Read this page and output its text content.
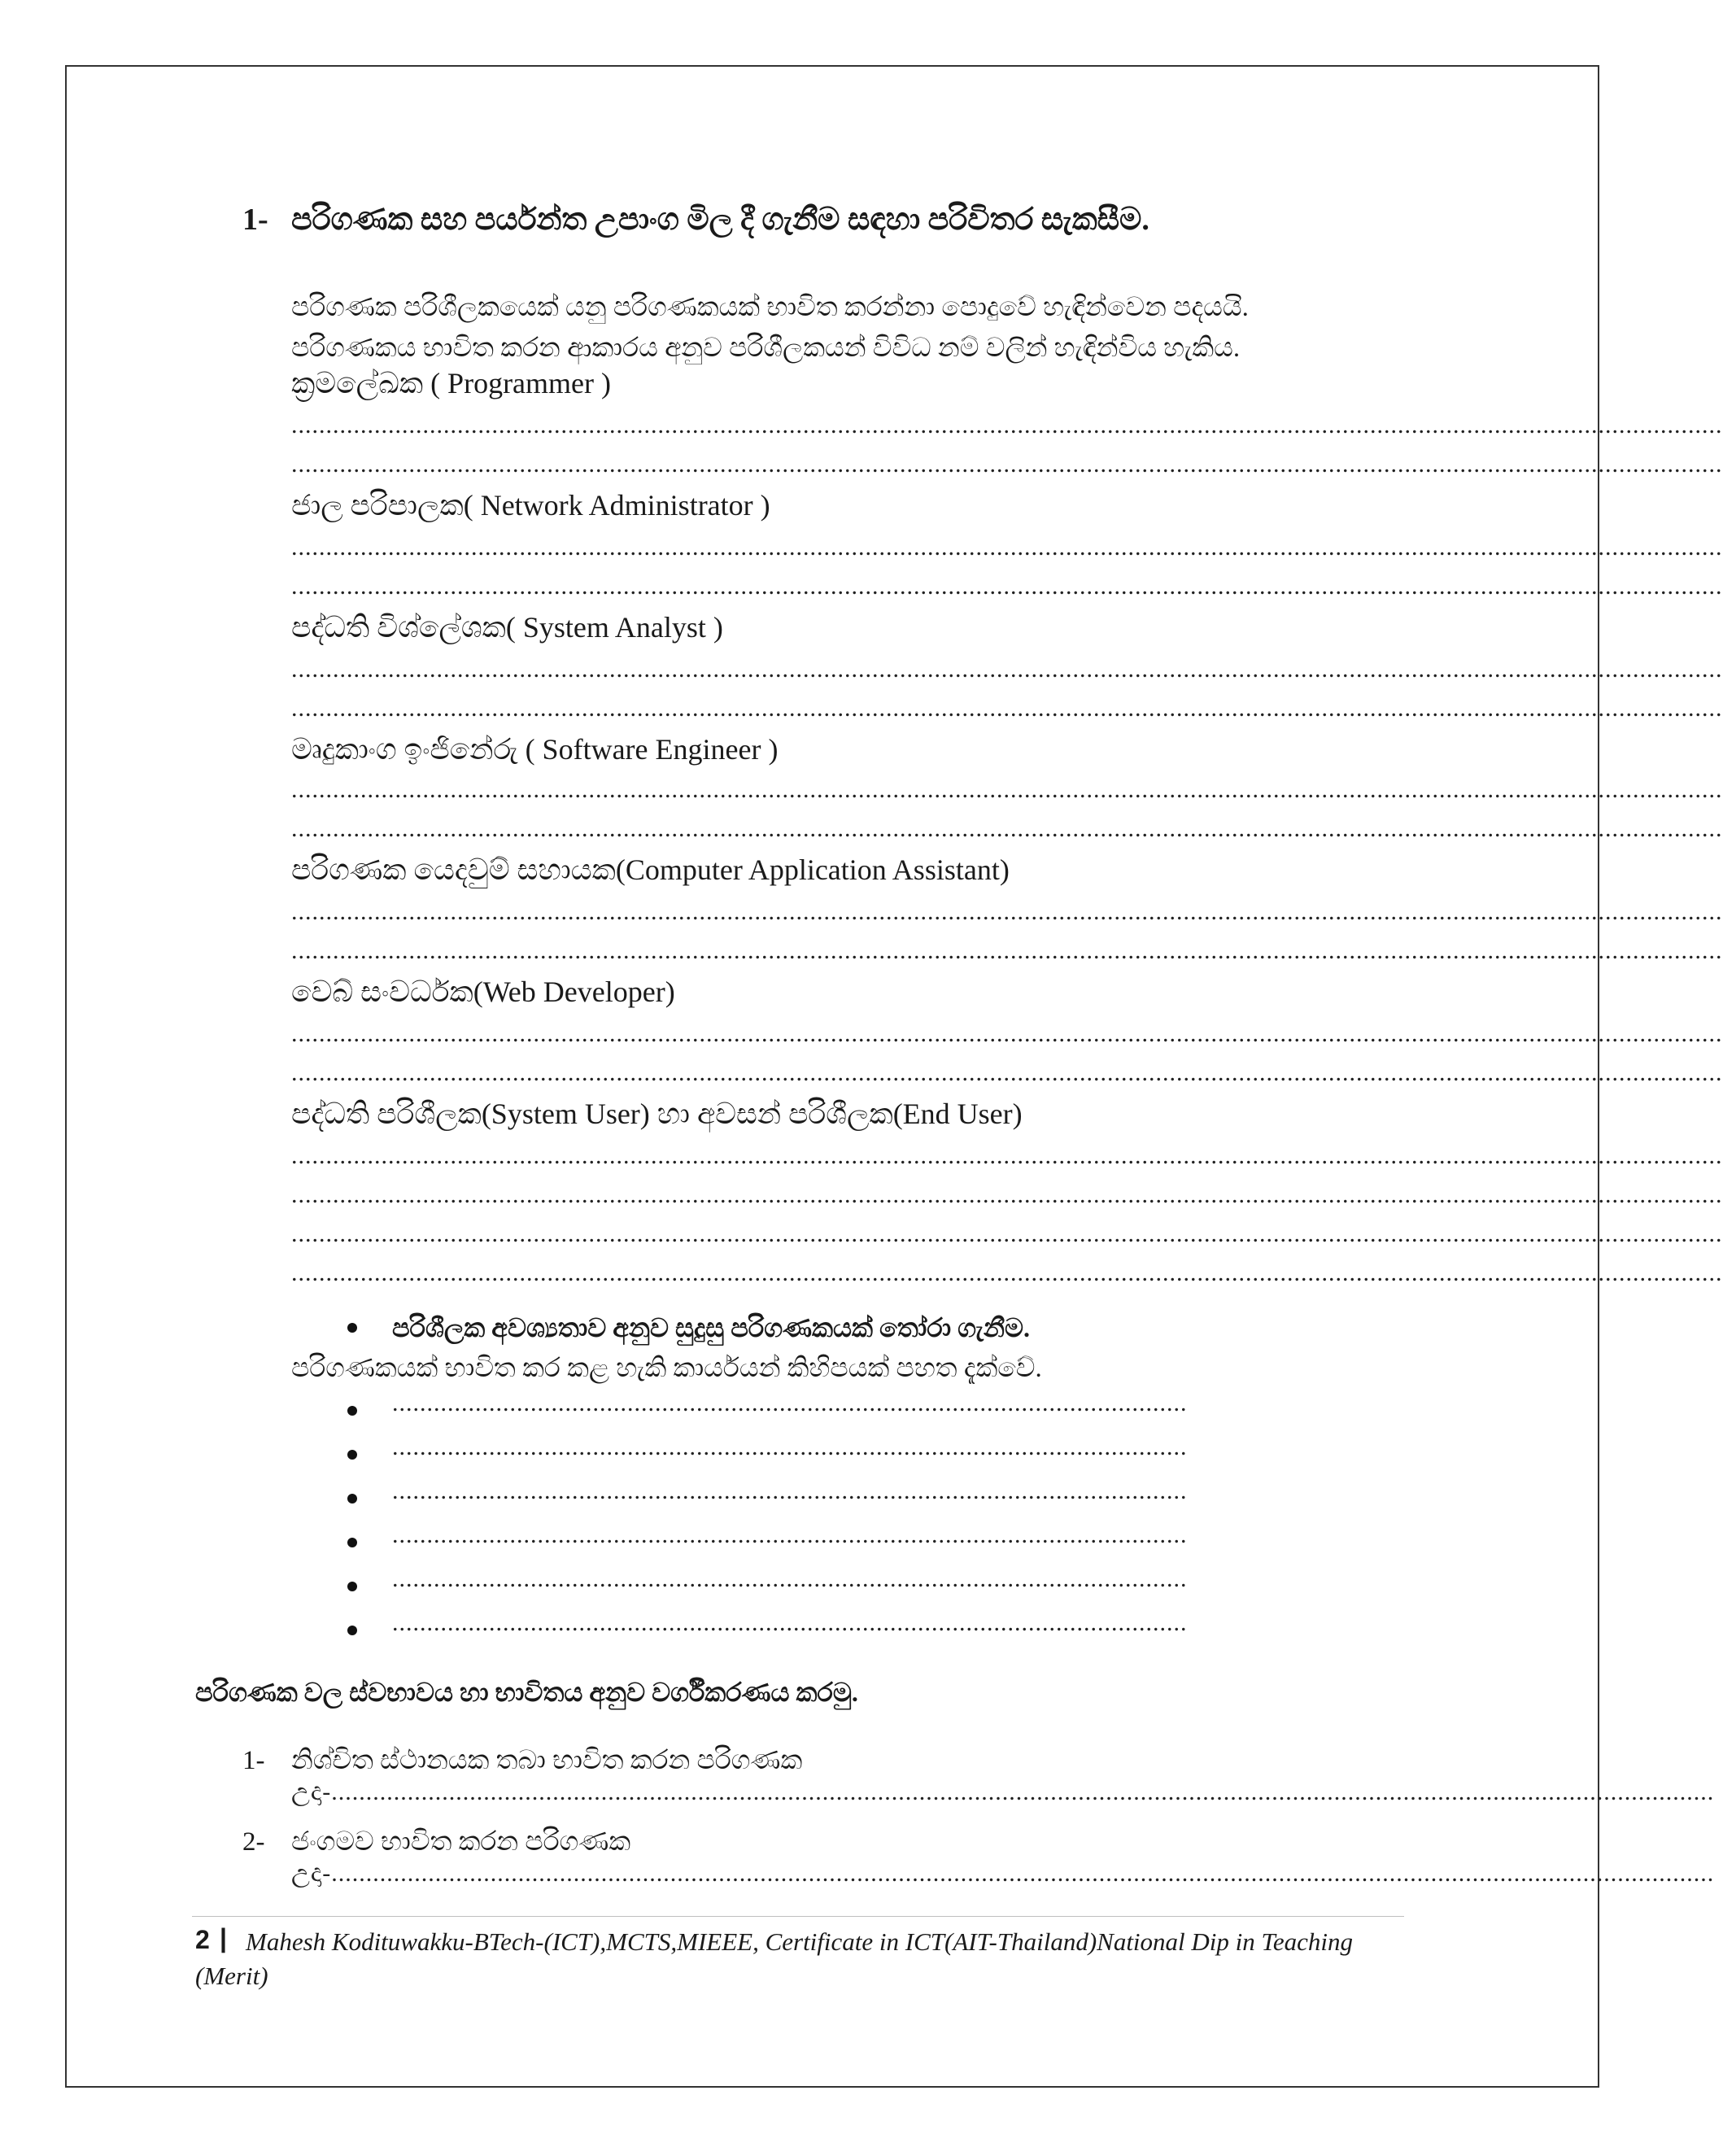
1- පරිගණක සහ පර්යන්ත උපාංග මිල දී ගැනීම සඳහා පරිවිතර සැකසීම.
පරිගණක පරිශීලකයෙක් යනු පරිගණකයක් භාවිත කරන්නා පොදුවේ හැඳින්වෙන පදයයි.
පරිගණකය භාවිත කරන ආකාරය අනුව පරිශීලකයන් විවිධ නම් වලින් හැඳින්විය හැකිය.
ක්‍රමලේඛක ( Programmer )
...............................................................................................................................................................................................................
...............................................................................................................................................................................................................
ජාල පරිපාලක( Network Administrator )
...............................................................................................................................................................................................................
...............................................................................................................................................................................................................
පද්ධති විශ්ලේශක( System Analyst )
...............................................................................................................................................................................................................
...............................................................................................................................................................................................................
මෘදුකාංග ඉංජිනේරු ( Software Engineer )
...............................................................................................................................................................................................................
...............................................................................................................................................................................................................
පරිගණක යෙදවුම් සහායක(Computer Application Assistant)
...............................................................................................................................................................................................................
...............................................................................................................................................................................................................
වෙබ් සංවර්ධක(Web Developer)
...............................................................................................................................................................................................................
...............................................................................................................................................................................................................
පද්ධති පරිශීලක(System User) හා අවසන් පරිශීලක(End User)
...............................................................................................................................................................................................................
...............................................................................................................................................................................................................
...............................................................................................................................................................................................................
...............................................................................................................................................................................................................
පරිශීලක අවශ්‍යතාව අනුව සුදුසු පරිගණකයක් තෝරා ගැනීම.
පරිගණකයක් භාවිත කර කළ හැකි කාර්යයන් කිහිපයක් පහත දැක්වේ.
...................................................................................................................
...................................................................................................................
...................................................................................................................
...................................................................................................................
...................................................................................................................
...................................................................................................................
පරිගණක වල ස්වභාවය හා භාවිතය අනුව වර්ගීකරණය කරමු.
1- නිශ්චිත ස්ථානයක තබා භාවිත කරන පරිගණක
උදා-........................................................................................................................................................................................................
2- ජංගමව භාවිත කරන පරිගණක
උදා-........................................................................................................................................................................................................
2 | Mahesh Kodituwakku-BTech-(ICT),MCTS,MIEEE, Certificate in ICT(AIT-Thailand)National Dip in Teaching
(Merit)
